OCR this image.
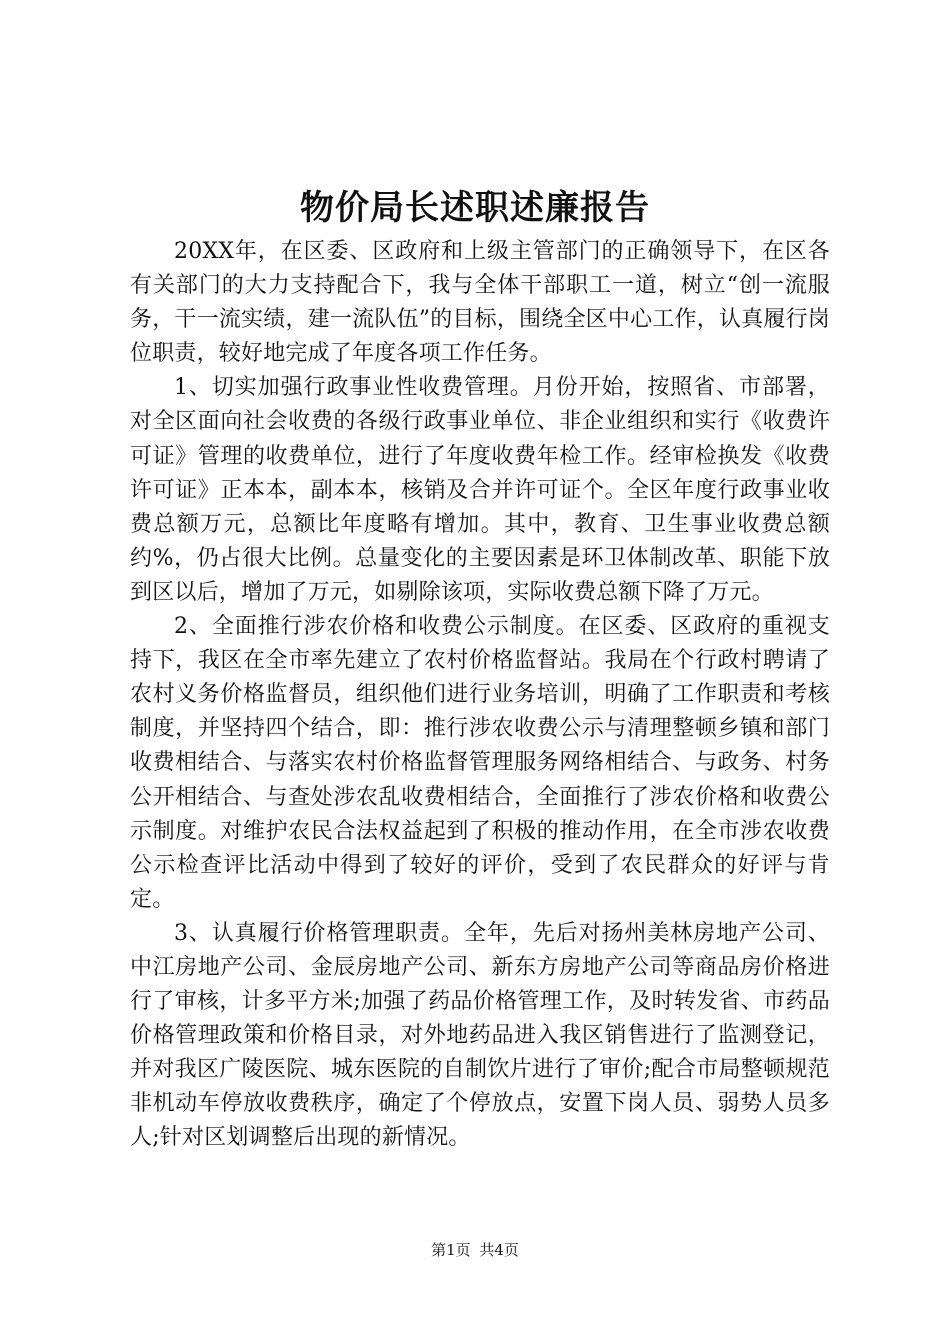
物价局长述职述廉报告

20XX年，在区委、区政府和上级主管部门的正确领导下，在区各有关部门的大力支持配合下，我与全体干部职工一道，树立“创一流服务，干一流实绩，建一流队伍”的目标，围绕全区中心工作，认真履行岗位职责，较好地完成了年度各项工作任务。

1、切实加强行政事业性收费管理。月份开始，按照省、市部署，对全区面向社会收费的各级行政事业单位、非企业组织和实行《收费许可证》管理的收费单位，进行了年度收费年检工作。经审检换发《收费许可证》正本本，副本本，核销及合并许可证个。全区年度行政事业收费总额万元，总额比年度略有增加。其中，教育、卫生事业收费总额约%，仍占很大比例。总量变化的主要因素是环卫体制改革、职能下放到区以后，增加了万元，如剔除该项，实际收费总额下降了万元。

2、全面推行涉农价格和收费公示制度。在区委、区政府的重视支持下，我区在全市率先建立了农村价格监督站。我局在个行政村聘请了农村义务价格监督员，组织他们进行业务培训，明确了工作职责和考核制度，并坚持四个结合，即：推行涉农收费公示与清理整顿乡镇和部门收费相结合、与落实农村价格监督管理服务网络相结合、与政务、村务公开相结合、与查处涉农乱收费相结合，全面推行了涉农价格和收费公示制度。对维护农民合法权益起到了积极的推动作用，在全市涉农收费公示检查评比活动中得到了较好的评价，受到了农民群众的好评与肯定。

3、认真履行价格管理职责。全年，先后对扬州美林房地产公司、中江房地产公司、金辰房地产公司、新东方房地产公司等商品房价格进行了审核，计多平方米;加强了药品价格管理工作，及时转发省、市药品价格管理政策和价格目录，对外地药品进入我区销售进行了监测登记，并对我区广陵医院、城东医院的自制饮片进行了审价;配合市局整顿规范非机动车停放收费秩序，确定了个停放点，安置下岗人员、弱势人员多人;针对区划调整后出现的新情况。

第1页 共4页
